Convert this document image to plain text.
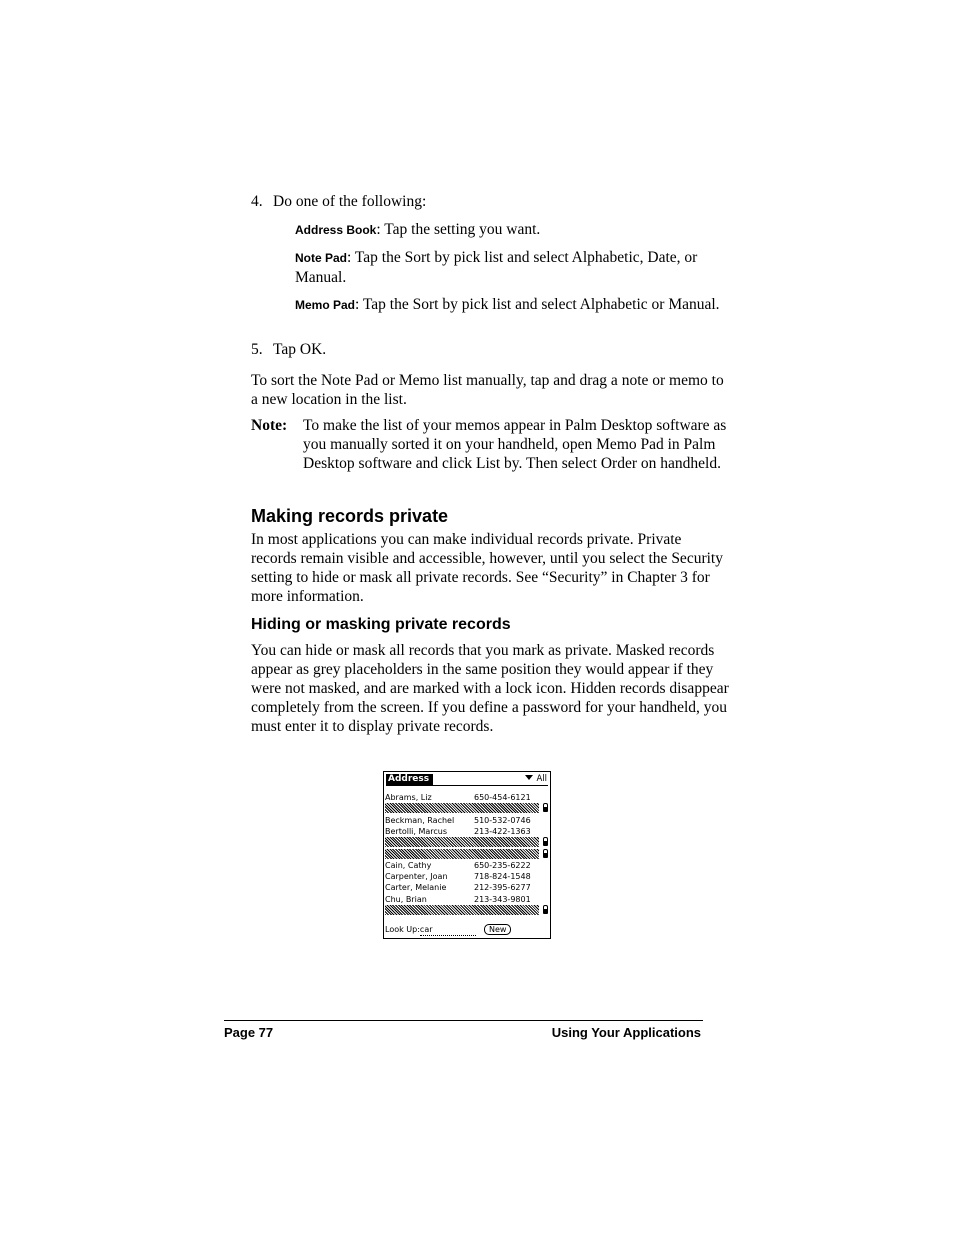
4. Do one of the following:
Address Book: Tap the setting you want.
Note Pad: Tap the Sort by pick list and select Alphabetic, Date, or Manual.
Memo Pad: Tap the Sort by pick list and select Alphabetic or Manual.
5. Tap OK.
To sort the Note Pad or Memo list manually, tap and drag a note or memo to a new location in the list.
Note: To make the list of your memos appear in Palm Desktop software as you manually sorted it on your handheld, open Memo Pad in Palm Desktop software and click List by. Then select Order on handheld.
Making records private
In most applications you can make individual records private. Private records remain visible and accessible, however, until you select the Security setting to hide or mask all private records. See “Security” in Chapter 3 for more information.
Hiding or masking private records
You can hide or mask all records that you mark as private. Masked records appear as grey placeholders in the same position they would appear if they were not masked, and are marked with a lock icon. Hidden records disappear completely from the screen. If you define a password for your handheld, you must enter it to display private records.
Address	All
Abrams, Liz	650-454-6121
Beckman, Rachel 510-532-0746
Bertolli, Marcus	213-422-1363
Cain, Cathy	650-235-6222
Carpenter, Joan	718-824-1548
Carter, Melanie	212-395-6277
Chu, Brian	213-343-9801
Look Up:car	New
Page 77	Using Your Applications
